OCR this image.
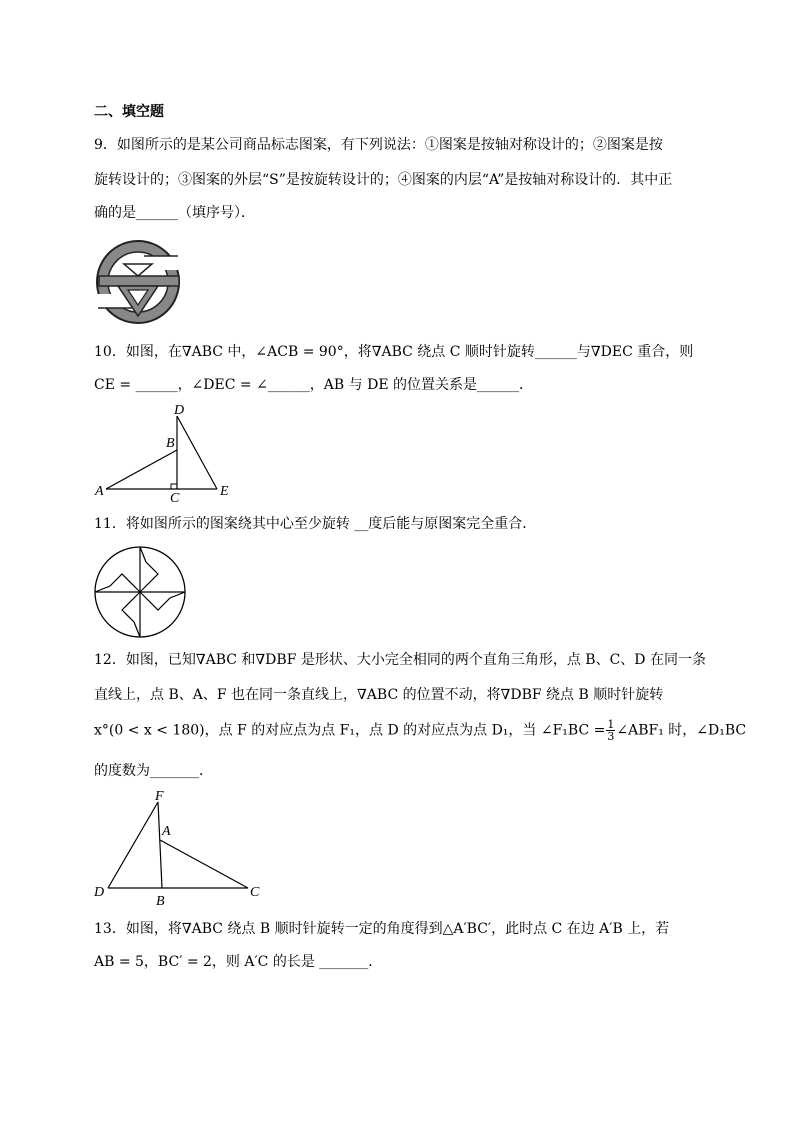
二、填空题
9．如图所示的是某公司商品标志图案，有下列说法：①图案是按轴对称设计的；②图案是按
旋转设计的；③图案的外层“S”是按旋转设计的；④图案的内层“A”是按轴对称设计的．其中正
确的是______（填序号）．
10．如图，在∇ABC 中，∠ACB = 90°，将∇ABC 绕点 C 顺时针旋转______与∇DEC 重合，则
CE = ______，∠DEC = ∠______，AB 与 DE 的位置关系是______．
D
B
A	C	E
11．将如图所示的图案绕其中心至少旋转 __度后能与原图案完全重合．
12．如图，已知∇ABC 和∇DBF 是形状、大小完全相同的两个直角三角形，点 B、C、D 在同一条
直线上，点 B、A、F 也在同一条直线上，∇ABC 的位置不动，将∇DBF 绕点 B 顺时针旋转
x°(0 < x < 180)，点 F 的对应点为点 F₁，点 D 的对应点为点 D₁，当 ∠F₁BC = $\frac{1}{3}$ ∠ABF₁ 时，∠D₁BC
的度数为_______．
F
A
D
B
C
13．如图，将∇ABC 绕点 B 顺时针旋转一定的角度得到△A′BC′，此时点 C 在边 A′B 上，若
AB = 5，BC′ = 2，则 A′C 的长是 _______．
